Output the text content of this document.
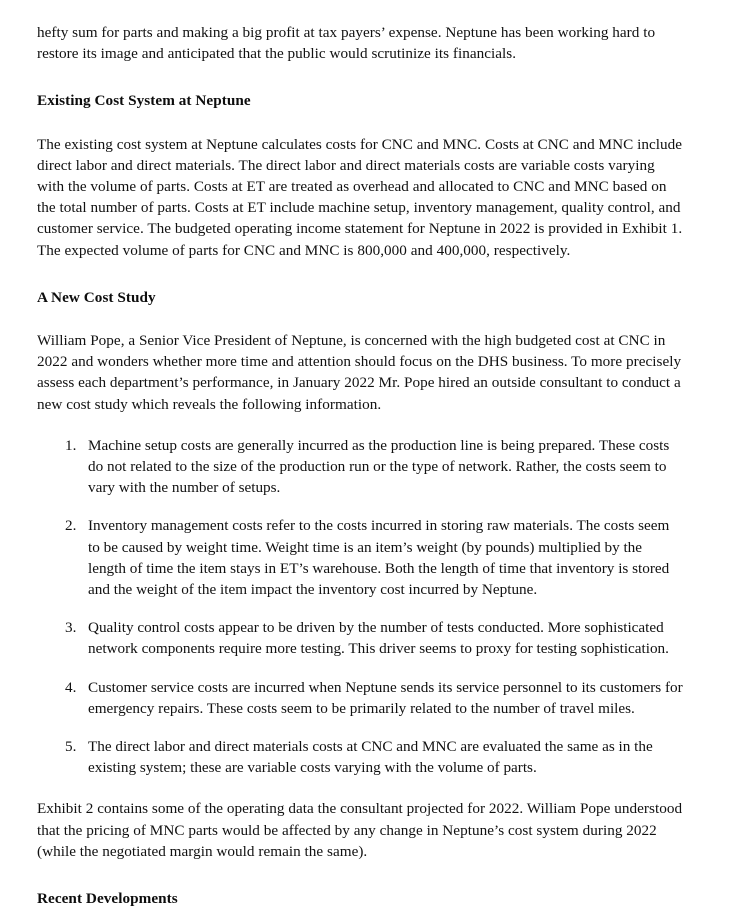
hefty sum for parts and making a big profit at tax payers’ expense. Neptune has been working hard to restore its image and anticipated that the public would scrutinize its financials.

Existing Cost System at Neptune

The existing cost system at Neptune calculates costs for CNC and MNC. Costs at CNC and MNC include direct labor and direct materials. The direct labor and direct materials costs are variable costs varying with the volume of parts. Costs at ET are treated as overhead and allocated to CNC and MNC based on the total number of parts. Costs at ET include machine setup, inventory management, quality control, and customer service. The budgeted operating income statement for Neptune in 2022 is provided in Exhibit 1. The expected volume of parts for CNC and MNC is 800,000 and 400,000, respectively.

A New Cost Study

William Pope, a Senior Vice President of Neptune, is concerned with the high budgeted cost at CNC in 2022 and wonders whether more time and attention should focus on the DHS business. To more precisely assess each department’s performance, in January 2022 Mr. Pope hired an outside consultant to conduct a new cost study which reveals the following information.

1. Machine setup costs are generally incurred as the production line is being prepared. These costs do not related to the size of the production run or the type of network. Rather, the costs seem to vary with the number of setups.
2. Inventory management costs refer to the costs incurred in storing raw materials. The costs seem to be caused by weight time. Weight time is an item’s weight (by pounds) multiplied by the length of time the item stays in ET’s warehouse. Both the length of time that inventory is stored and the weight of the item impact the inventory cost incurred by Neptune.
3. Quality control costs appear to be driven by the number of tests conducted. More sophisticated network components require more testing. This driver seems to proxy for testing sophistication.
4. Customer service costs are incurred when Neptune sends its service personnel to its customers for emergency repairs. These costs seem to be primarily related to the number of travel miles.
5. The direct labor and direct materials costs at CNC and MNC are evaluated the same as in the existing system; these are variable costs varying with the volume of parts.

Exhibit 2 contains some of the operating data the consultant projected for 2022. William Pope understood that the pricing of MNC parts would be affected by any change in Neptune’s cost system during 2022 (while the negotiated margin would remain the same).

Recent Developments
